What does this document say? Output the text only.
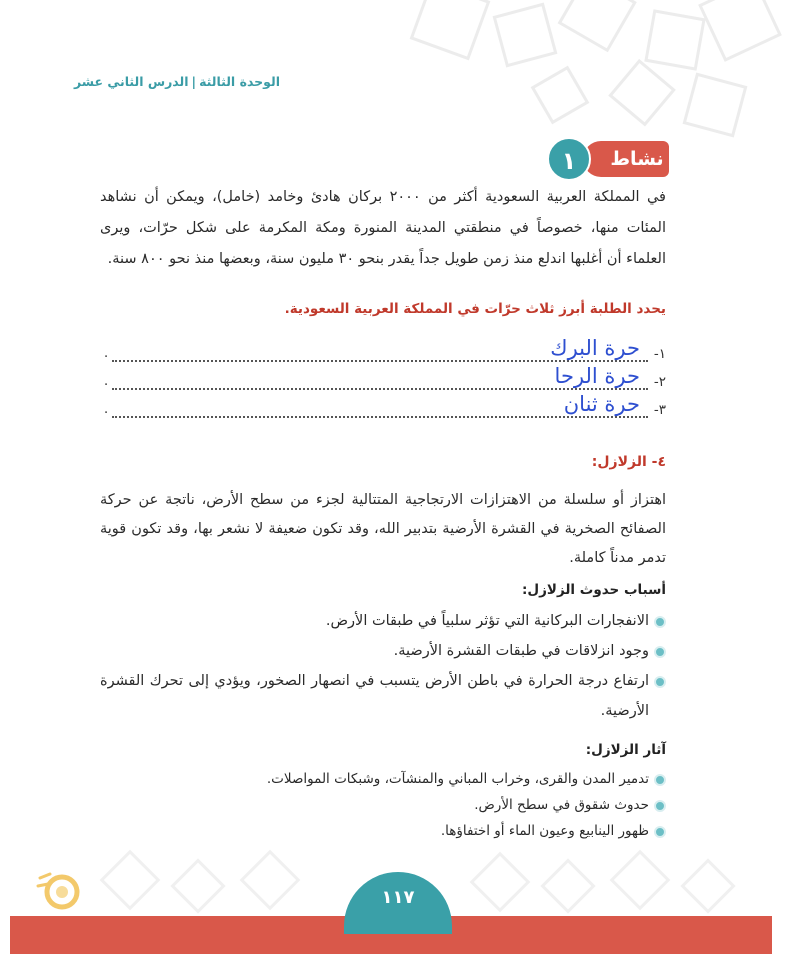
الوحدة الثالثة|الدرس الثاني عشر
نشاط
١

في المملكة العربية السعودية أكثر من ٢٠٠٠ بركان هادئ وخامد (خامل)، ويمكن أن نشاهد المئات منها، خصوصاً في منطقتي المدينة المنورة ومكة المكرمة على شكل حرّات، ويرى العلماء أن أغلبها اندلع منذ زمن طويل جداً يقدر بنحو ٣٠ مليون سنة، وبعضها منذ نحو ٨٠٠ سنة.

يحدد الطلبة أبرز ثلاث حرّات في المملكة العربية السعودية.
١-
حرة البرك
.
٢-
حرة الرحا
.
٣-
حرة ثنان
.
٤- الزلازل:

اهتزاز أو سلسلة من الاهتزازات الارتجاجية المتتالية لجزء من سطح الأرض، ناتجة عن حركة الصفائح الصخرية في القشرة الأرضية بتدبير الله، وقد تكون ضعيفة لا نشعر بها، وقد تكون قوية تدمر مدناً كاملة.

أسباب حدوث الزلازل:
الانفجارات البركانية التي تؤثر سلبياً في طبقات الأرض.
وجود انزلاقات في طبقات القشرة الأرضية.
ارتفاع درجة الحرارة في باطن الأرض يتسبب في انصهار الصخور، ويؤدي إلى تحرك القشرة الأرضية.
آثار الزلازل:
تدمير المدن والقرى، وخراب المباني والمنشآت، وشبكات المواصلات.
حدوث شقوق في سطح الأرض.
ظهور الينابيع وعيون الماء أو اختفاؤها.
١١٧
